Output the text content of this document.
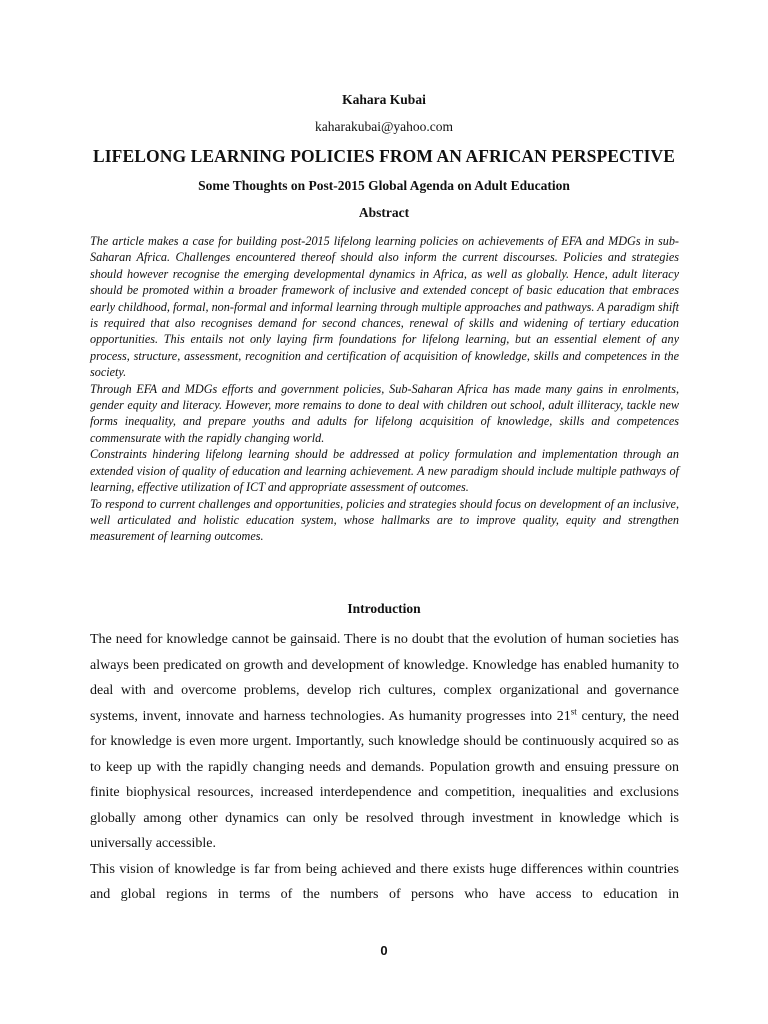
Kahara Kubai
kaharakubai@yahoo.com
LIFELONG LEARNING POLICIES FROM AN AFRICAN PERSPECTIVE
Some Thoughts on Post-2015 Global Agenda on Adult Education
Abstract

The article makes a case for building post-2015 lifelong learning policies on achievements of EFA and MDGs in sub-Saharan Africa. Challenges encountered thereof should also inform the current discourses. Policies and strategies should however recognise the emerging developmental dynamics in Africa, as well as globally. Hence, adult literacy should be promoted within a broader framework of inclusive and extended concept of basic education that embraces early childhood, formal, non-formal and informal learning through multiple approaches and pathways. A paradigm shift is required that also recognises demand for second chances, renewal of skills and widening of tertiary education opportunities. This entails not only laying firm foundations for lifelong learning, but an essential element of any process, structure, assessment, recognition and certification of acquisition of knowledge, skills and competences in the society.

Through EFA and MDGs efforts and government policies, Sub-Saharan Africa has made many gains in enrolments, gender equity and literacy. However, more remains to done to deal with children out school, adult illiteracy, tackle new forms inequality, and prepare youths and adults for lifelong acquisition of knowledge, skills and competences commensurate with the rapidly changing world.

Constraints hindering lifelong learning should be addressed at policy formulation and implementation through an extended vision of quality of education and learning achievement. A new paradigm should include multiple pathways of learning, effective utilization of ICT and appropriate assessment of outcomes.

To respond to current challenges and opportunities, policies and strategies should focus on development of an inclusive, well articulated and holistic education system, whose hallmarks are to improve quality, equity and strengthen measurement of learning outcomes.

Introduction

The need for knowledge cannot be gainsaid. There is no doubt that the evolution of human societies has always been predicated on growth and development of knowledge. Knowledge has enabled humanity to deal with and overcome problems, develop rich cultures, complex organizational and governance systems, invent, innovate and harness technologies. As humanity progresses into 21st century, the need for knowledge is even more urgent. Importantly, such knowledge should be continuously acquired so as to keep up with the rapidly changing needs and demands. Population growth and ensuing pressure on finite biophysical resources, increased interdependence and competition, inequalities and exclusions globally among other dynamics can only be resolved through investment in knowledge which is universally accessible.

This vision of knowledge is far from being achieved and there exists huge differences within countries and global regions in terms of the numbers of persons who have access to education in

0
